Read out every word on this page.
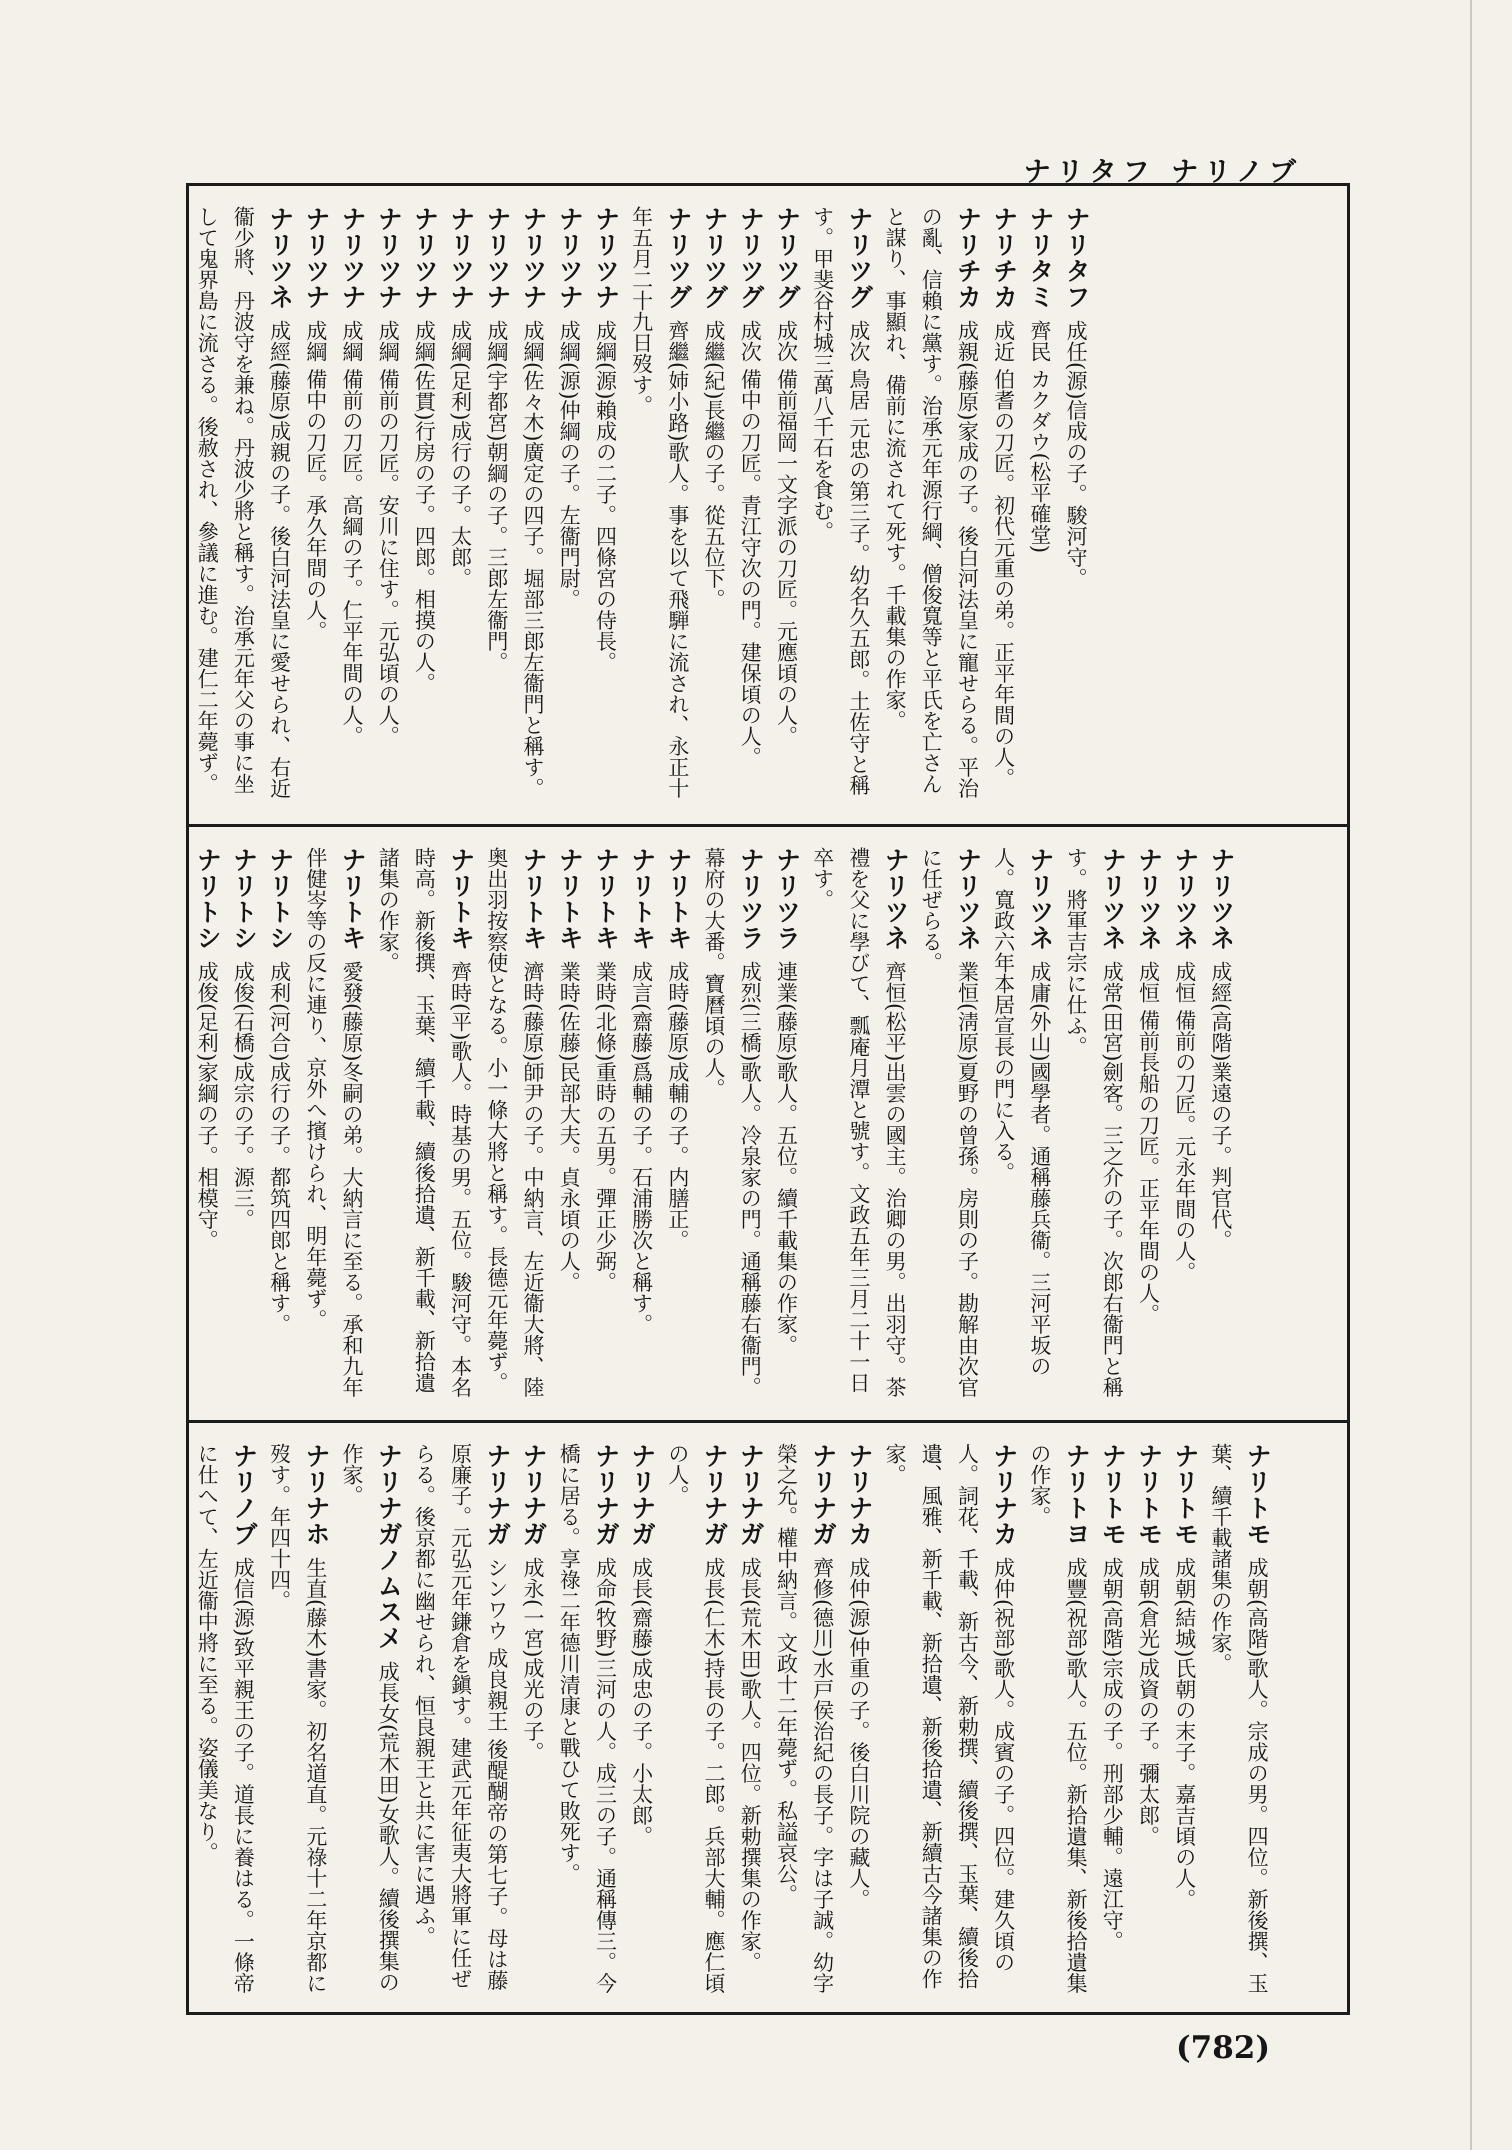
ナリタフ ナリノブ

ナリタフ成任(源)信成の子。駿河守。

ナリタミ齊民 カクダウ(松平確堂)

ナリチカ成近 伯耆の刀匠。初代元重の弟。正平年間の人。

ナリチカ成親(藤原)家成の子。後白河法皇に寵せらる。平治の亂、信賴に黨す。治承元年源行綱、僧俊寬等と平氏を亡さんと謀り、事顯れ、備前に流されて死す。千載集の作家。

ナリツグ成次 鳥居 元忠の第三子。幼名久五郎。土佐守と稱す。甲斐谷村城三萬八千石を食む。

ナリツグ成次 備前福岡一文字派の刀匠。元應頃の人。

ナリツグ成次 備中の刀匠。青江守次の門。建保頃の人。

ナリツグ成繼(紀)長繼の子。從五位下。

ナリツグ齊繼(姉小路)歌人。事を以て飛騨に流され、永正十年五月二十九日歿す。

ナリツナ成綱(源)賴成の二子。四條宮の侍長。

ナリツナ成綱(源)仲綱の子。左衞門尉。

ナリツナ成綱(佐々木)廣定の四子。堀部三郎左衞門と稱す。

ナリツナ成綱(宇都宮)朝綱の子。三郎左衞門。

ナリツナ成綱(足利)成行の子。太郎。

ナリツナ成綱(佐貫)行房の子。四郎。相摸の人。

ナリツナ成綱 備前の刀匠。安川に住す。元弘頃の人。

ナリツナ成綱 備前の刀匠。高綱の子。仁平年間の人。

ナリツナ成綱 備中の刀匠。承久年間の人。

ナリツネ成經(藤原)成親の子。後白河法皇に愛せられ、右近衞少將、丹波守を兼ね。丹波少將と稱す。治承元年父の事に坐して鬼界島に流さる。後赦され、參議に進む。建仁二年薨ず。

ナリツネ成經(高階)業遠の子。判官代。

ナリツネ成恒 備前の刀匠。元永年間の人。

ナリツネ成恒 備前長船の刀匠。正平年間の人。

ナリツネ成常(田宮)劍客。三之介の子。次郎右衞門と稱す。將軍吉宗に仕ふ。

ナリツネ成庸(外山)國學者。通稱藤兵衞。三河平坂の人。寬政六年本居宣長の門に入る。

ナリツネ業恒(淸原)夏野の曾孫。房則の子。勘解由次官に任ぜらる。

ナリツネ齊恒(松平)出雲の國主。治卿の男。出羽守。茶禮を父に學びて、瓢庵月潭と號す。文政五年三月二十一日卒す。

ナリツラ連業(藤原)歌人。五位。續千載集の作家。

ナリツラ成烈(三橋)歌人。冷泉家の門。通稱藤右衞門。幕府の大番。寶曆頃の人。

ナリトキ成時(藤原)成輔の子。内膳正。

ナリトキ成言(齋藤)爲輔の子。石浦勝次と稱す。

ナリトキ業時(北條)重時の五男。彈正少弼。

ナリトキ業時(佐藤)民部大夫。貞永頃の人。

ナリトキ濟時(藤原)師尹の子。中納言、左近衞大將、陸奥出羽按察使となる。小一條大將と稱す。長德元年薨ず。

ナリトキ齊時(平)歌人。時基の男。五位。駿河守。本名時高。新後撰、玉葉、續千載、續後拾遺、新千載、新拾遺諸集の作家。

ナリトキ愛發(藤原)冬嗣の弟。大納言に至る。承和九年伴健岑等の反に連り、京外へ擯けられ、明年薨ず。

ナリトシ成利(河合)成行の子。都筑四郎と稱す。

ナリトシ成俊(石橋)成宗の子。源三。

ナリトシ成俊(足利)家綱の子。相模守。

ナリトモ成朝(高階)歌人。宗成の男。四位。新後撰、玉葉、續千載諸集の作家。

ナリトモ成朝(結城)氏朝の末子。嘉吉頃の人。

ナリトモ成朝(倉光)成資の子。彌太郎。

ナリトモ成朝(高階)宗成の子。刑部少輔。遠江守。

ナリトヨ成豐(祝部)歌人。五位。新拾遺集、新後拾遺集の作家。

ナリナカ成仲(祝部)歌人。成賓の子。四位。建久頃の人。詞花、千載、新古今、新勅撰、續後撰、玉葉、續後拾遺、風雅、新千載、新拾遺、新後拾遺、新續古今諸集の作家。

ナリナカ成仲(源)仲重の子。後白川院の藏人。

ナリナガ齊修(德川)水戸侯治紀の長子。字は子誠。幼字榮之允。權中納言。文政十二年薨ず。私謚哀公。

ナリナガ成長(荒木田)歌人。四位。新勅撰集の作家。

ナリナガ成長(仁木)持長の子。二郎。兵部大輔。應仁頃の人。

ナリナガ成長(齋藤)成忠の子。小太郎。

ナリナガ成命(牧野)三河の人。成三の子。通稱傳三。今橋に居る。享祿二年德川清康と戰ひて敗死す。

ナリナガ成永(一宮)成光の子。

ナリナガシンワウ 成良親王 後醍醐帝の第七子。母は藤原廉子。元弘元年鎌倉を鎭す。建武元年征夷大將軍に任ぜらる。後京都に幽せられ、恒良親王と共に害に遇ふ。

ナリナガノムスメ成長女(荒木田)女歌人。續後撰集の作家。

ナリナホ生直(藤木)書家。初名道直。元祿十二年京都に歿す。年四十四。

ナリノブ成信(源)致平親王の子。道長に養はる。一條帝に仕へて、左近衞中將に至る。姿儀美なり。

(782)
